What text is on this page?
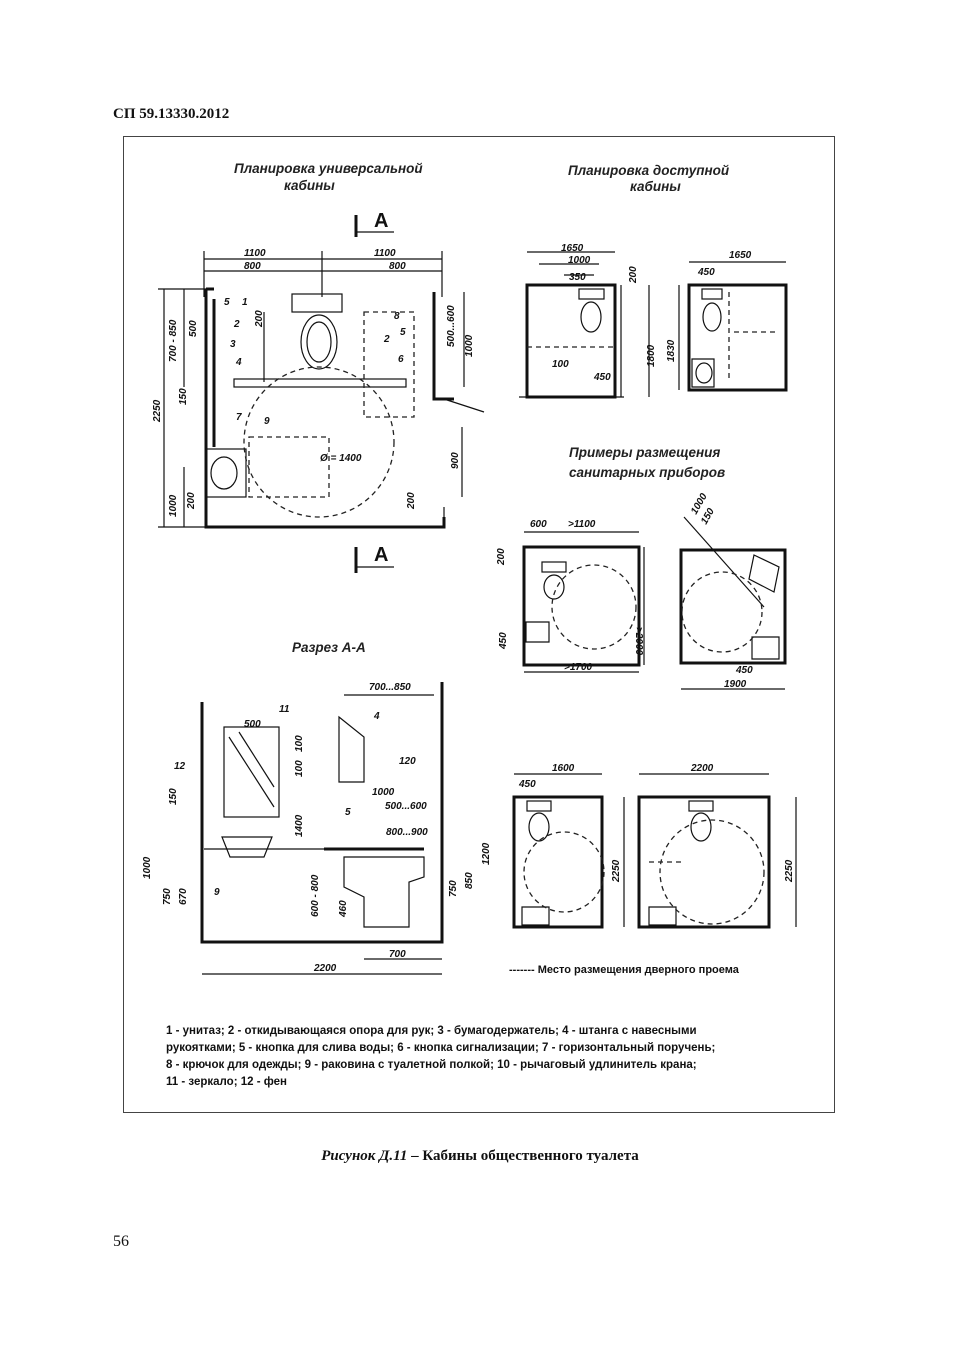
СП 59.13330.2012
Планировка универсальной
кабины
Планировка доступной
кабины
Примеры размещения
санитарных приборов
Разрез А-А
А
А
1100	1100
800	800
Ø = 1400
2250
700 - 850 500
200
150
1000 200
500...600 1000
900
200
1
2
3
4
5
7 9
8
5
2
6
1650
1000
350	200
1800
100
450
1650
450
1830
600 >1100
200
>2000
450
>1700
1000
150
450
1900
500
11
12
9
700...850
4
100
100	120
1000
500...600
5
800...900
1400
150
1000
750 670	600 - 800 460
1200
850
750
2200
700
1600
450
2250
2200
2250
------- Место размещения дверного проема
1 - унитаз; 2 - откидывающаяся опора для рук; 3 - бумагодержатель; 4 - штанга с навесными
рукоятками; 5 - кнопка для слива воды; 6 - кнопка сигнализации; 7 - горизонтальный поручень;
8 - крючок для одежды; 9 - раковина с туалетной полкой; 10 - рычаговый удлинитель крана;
11 - зеркало; 12 - фен
Рисунок Д.11 – Кабины общественного туалета
56
